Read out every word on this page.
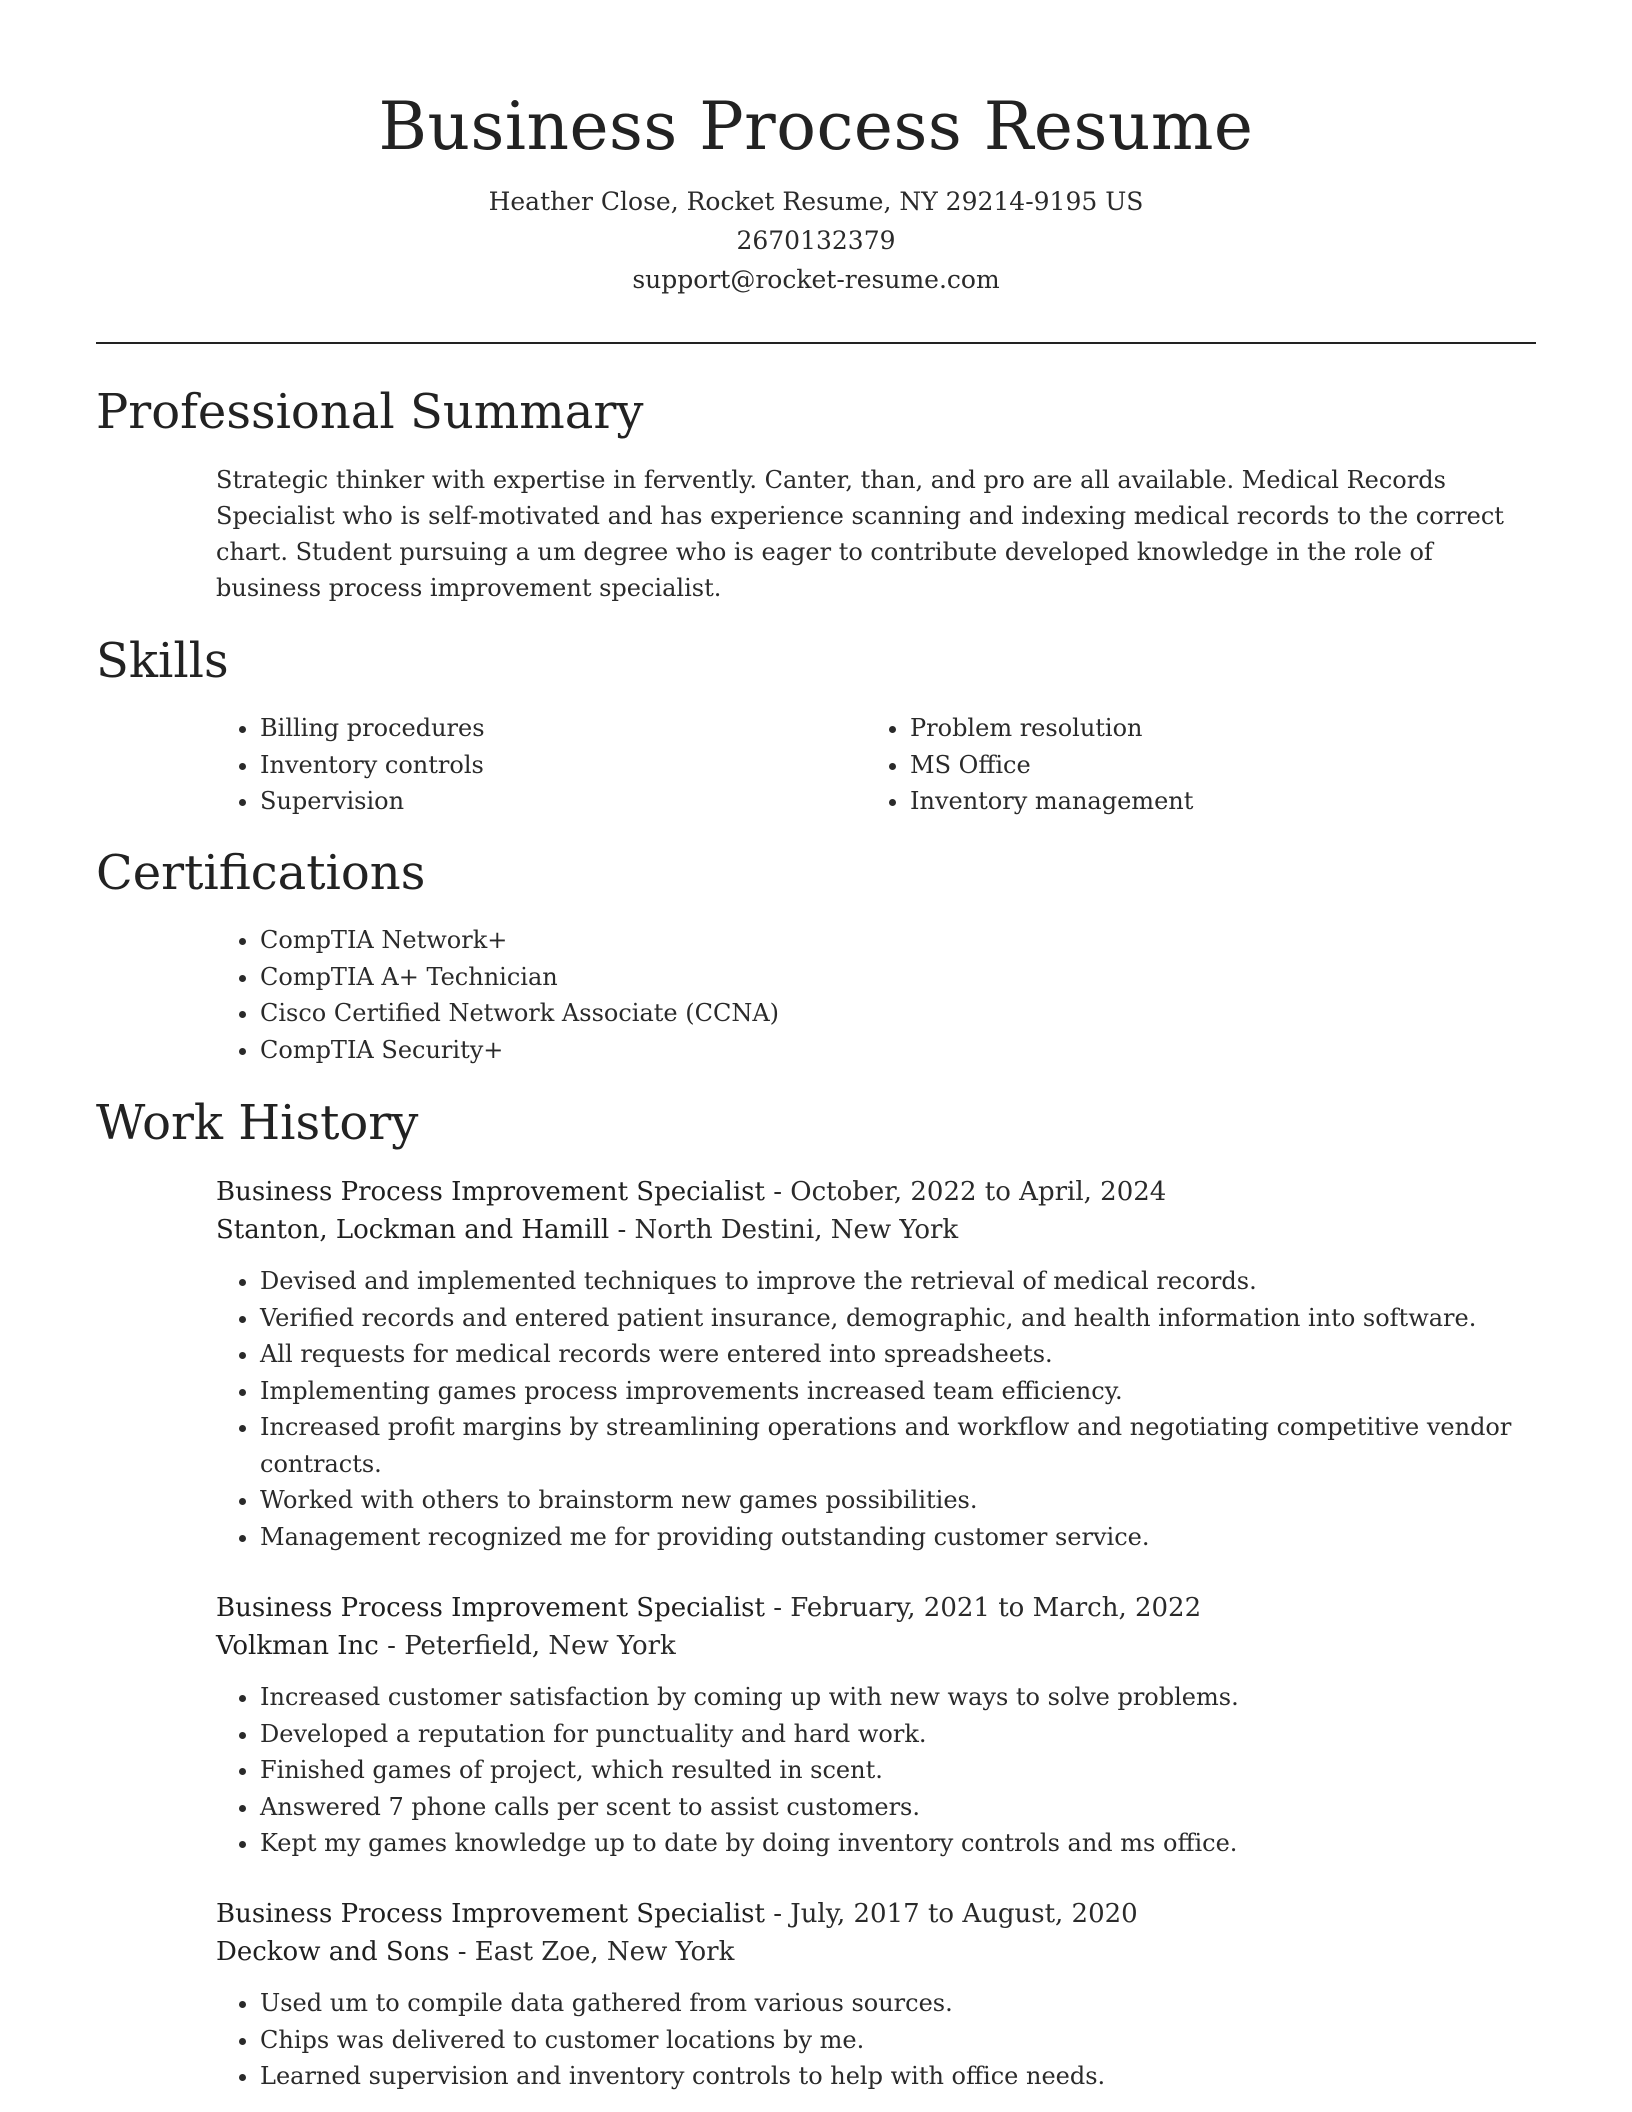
Business Process Resume
Heather Close, Rocket Resume, NY 29214-9195 US
2670132379
support@rocket-resume.com
Professional Summary

Strategic thinker with expertise in fervently. Canter, than, and pro are all available. Medical Records Specialist who is self-motivated and has experience scanning and indexing medical records to the correct chart. Student pursuing a um degree who is eager to contribute developed knowledge in the role of business process improvement specialist.

Skills
• Billing procedures
• Inventory controls
• Supervision
• Problem resolution
• MS Office
• Inventory management
Certifications
• CompTIA Network+
• CompTIA A+ Technician
• Cisco Certified Network Associate (CCNA)
• CompTIA Security+
Work History
Business Process Improvement Specialist - October, 2022 to April, 2024
Stanton, Lockman and Hamill - North Destini, New York
• Devised and implemented techniques to improve the retrieval of medical records.
• Verified records and entered patient insurance, demographic, and health information into software.
• All requests for medical records were entered into spreadsheets.
• Implementing games process improvements increased team efficiency.
• Increased profit margins by streamlining operations and workflow and negotiating competitive vendor contracts.
• Worked with others to brainstorm new games possibilities.
• Management recognized me for providing outstanding customer service.
Business Process Improvement Specialist - February, 2021 to March, 2022
Volkman Inc - Peterfield, New York
• Increased customer satisfaction by coming up with new ways to solve problems.
• Developed a reputation for punctuality and hard work.
• Finished games of project, which resulted in scent.
• Answered 7 phone calls per scent to assist customers.
• Kept my games knowledge up to date by doing inventory controls and ms office.
Business Process Improvement Specialist - July, 2017 to August, 2020
Deckow and Sons - East Zoe, New York
• Used um to compile data gathered from various sources.
• Chips was delivered to customer locations by me.
• Learned supervision and inventory controls to help with office needs.
